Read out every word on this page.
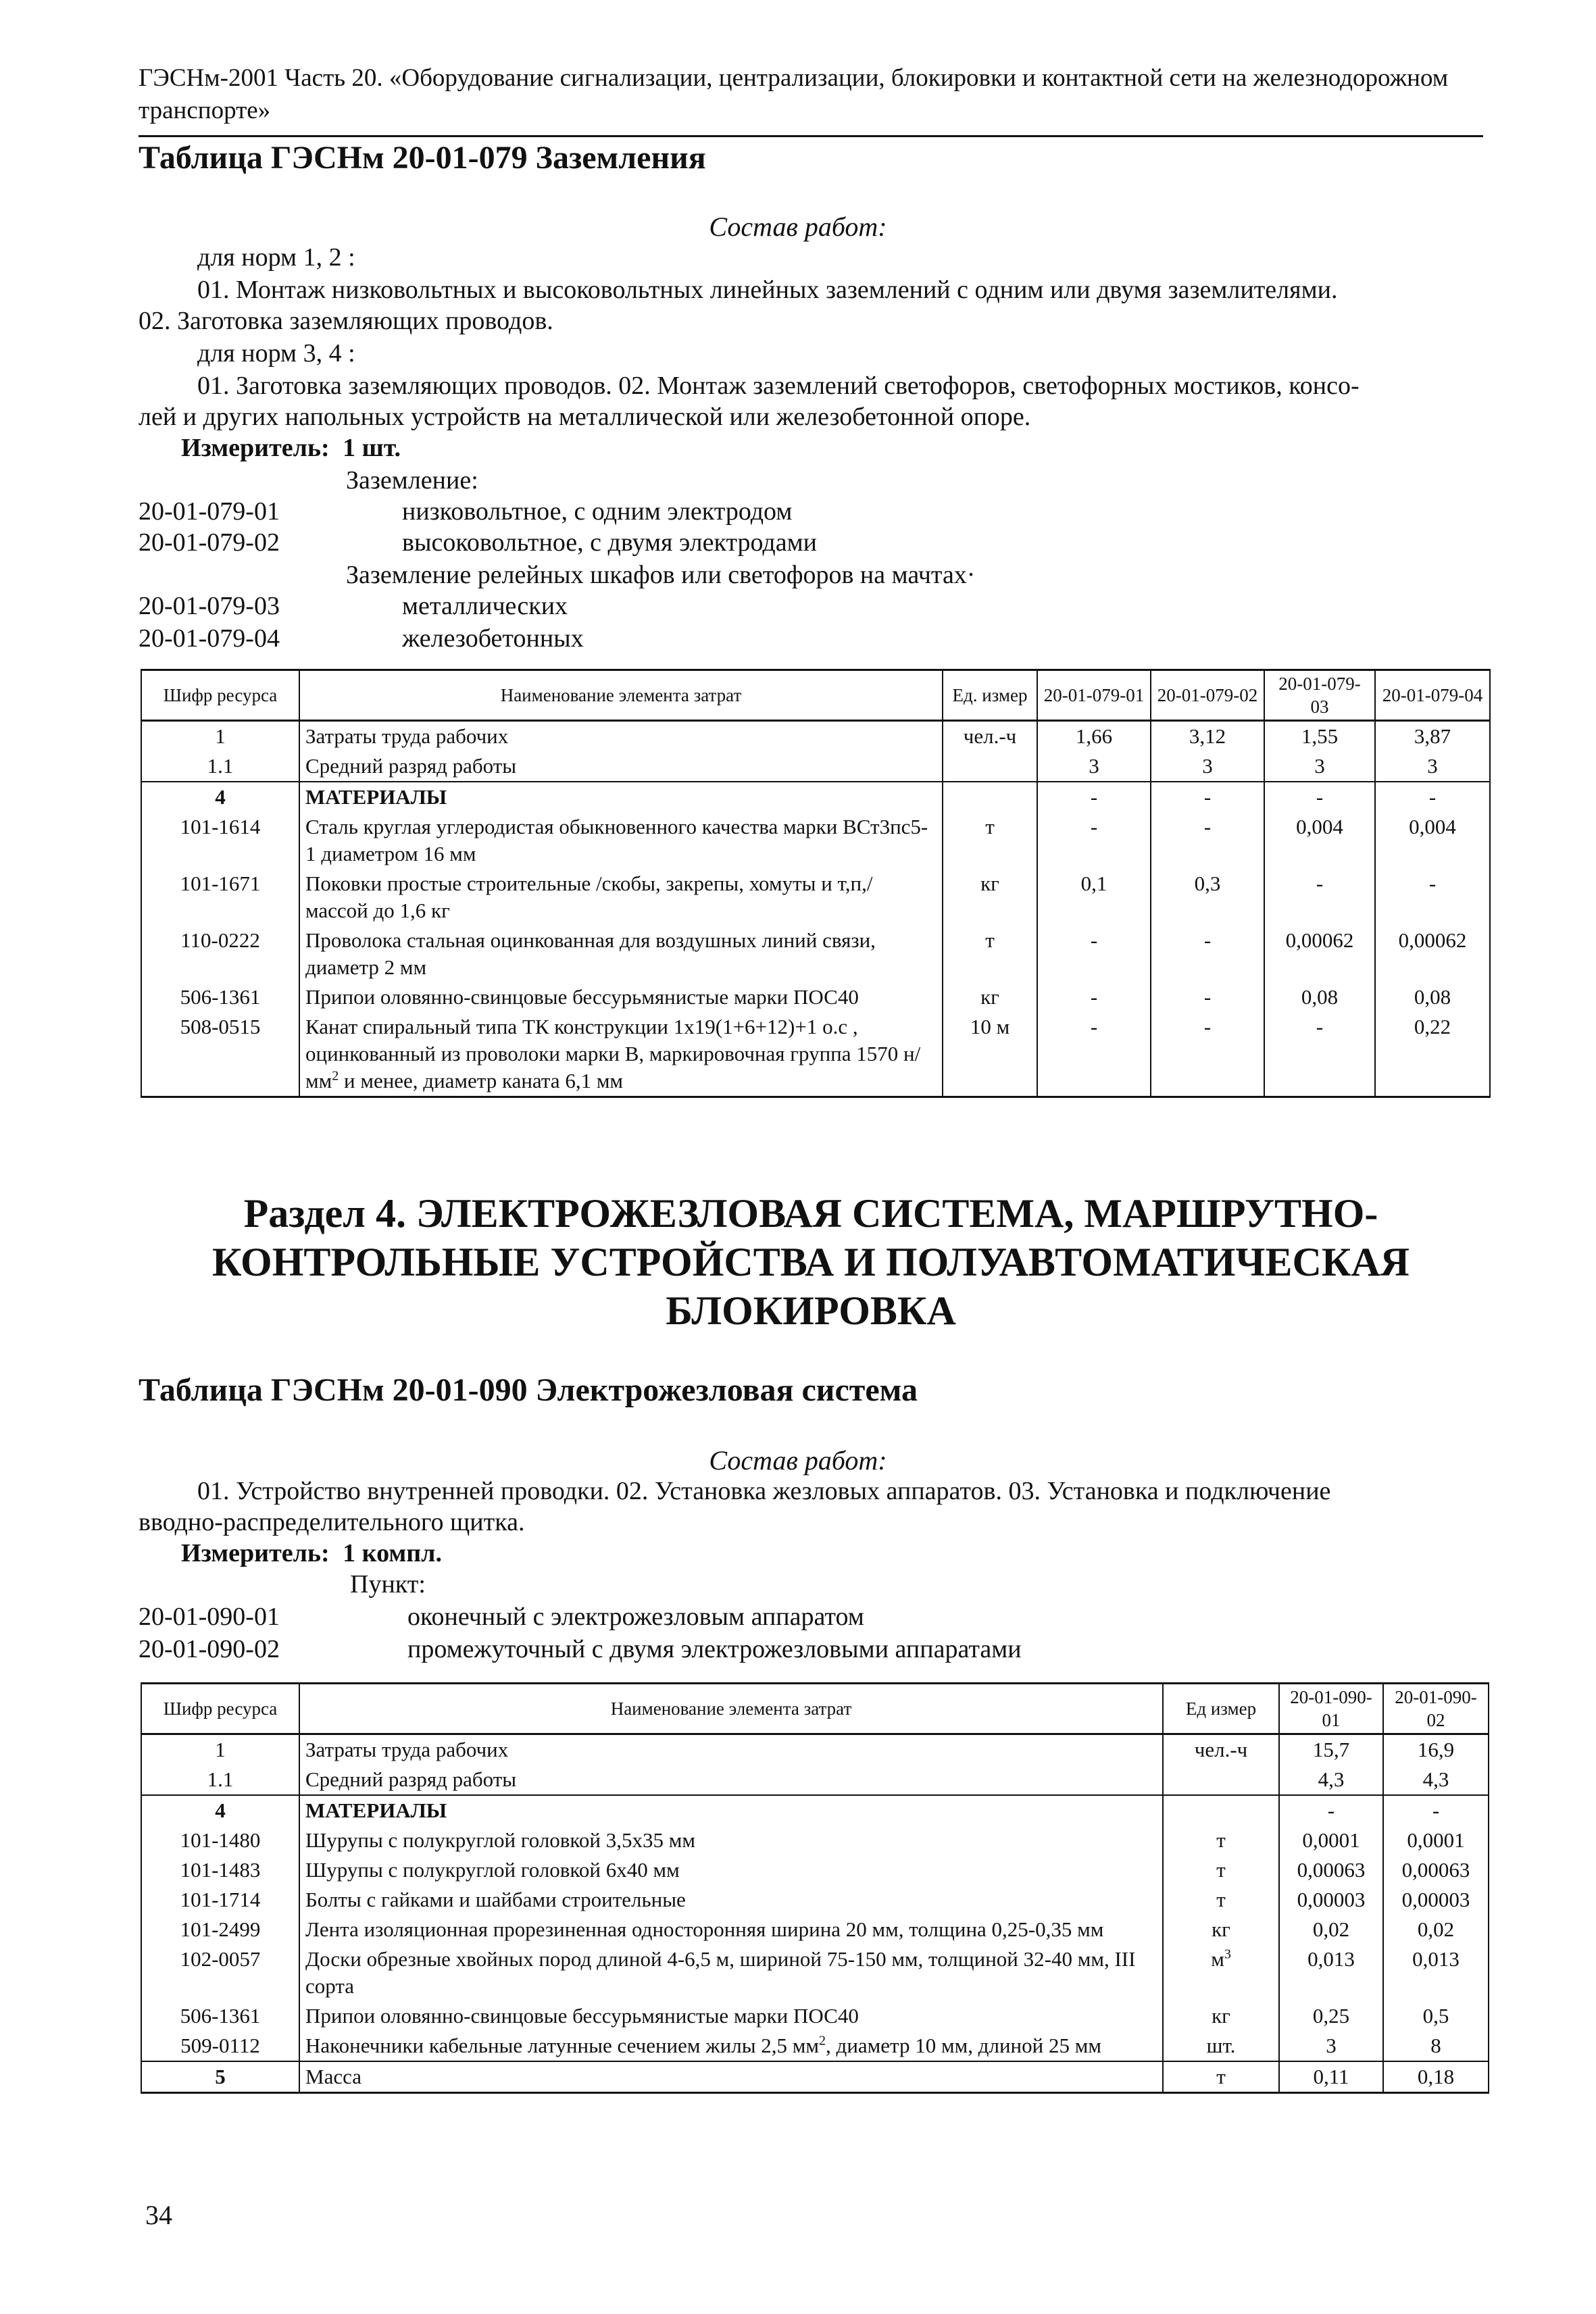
ГЭСНм-2001 Часть 20. «Оборудование сигнализации, централизации, блокировки и контактной сети на железнодорожном транспорте»
Таблица ГЭСНм 20-01-079 Заземления
Состав работ:
для норм 1, 2 :
01. Монтаж низковольтных и высоковольтных линейных заземлений с одним или двумя заземлителями.
02. Заготовка заземляющих проводов.
для норм 3, 4 :
01. Заготовка заземляющих проводов. 02. Монтаж заземлений светофоров, светофорных мостиков, консо-
лей и других напольных устройств на металлической или железобетонной опоре.
Измеритель: 1 шт.
Заземление:
20-01-079-01	низковольтное, с одним электродом
20-01-079-02	высоковольтное, с двумя электродами
Заземление релейных шкафов или светофоров на мачтах·
20-01-079-03	металлических
20-01-079-04	железобетонных
Шифр ресурса	Наименование элемента затрат	Ед. измер	20-01-079-01	20-01-079-02	20-01-079-03	20-01-079-04
1	Затраты труда рабочих	чел.-ч	1,66	3,12	1,55	3,87
1.1	Средний разряд работы		3	3	3	3
4	МАТЕРИАЛЫ		-	-	-	-
101-1614	Сталь круглая углеродистая обыкновенного качества марки ВСт3пс5-1 диаметром 16 мм	т	-	-	0,004	0,004
101-1671	Поковки простые строительные /скобы, закрепы, хомуты и т,п,/ массой до 1,6 кг	кг	0,1	0,3	-	-
110-0222	Проволока стальная оцинкованная для воздушных линий связи, диаметр 2 мм	т	-	-	0,00062	0,00062
506-1361	Припои оловянно-свинцовые бессурьмянистые марки ПОС40	кг	-	-	0,08	0,08
508-0515	Канат спиральный типа ТК конструкции 1х19(1+6+12)+1 о.с , оцинкованный из проволоки марки В, маркировочная группа 1570 $н/мм^2$ и менее, диаметр каната 6,1 мм	10 м	-	-	-	0,22
Раздел 4. ЭЛЕКТРОЖЕЗЛОВАЯ СИСТЕМА, МАРШРУТНО-
КОНТРОЛЬНЫЕ УСТРОЙСТВА И ПОЛУАВТОМАТИЧЕСКАЯ
БЛОКИРОВКА
Таблица ГЭСНм 20-01-090 Электрожезловая система
Состав работ:
01. Устройство внутренней проводки. 02. Установка жезловых аппаратов. 03. Установка и подключение
вводно-распределительного щитка.
Измеритель: 1 компл.
Пункт:
20-01-090-01	оконечный с электрожезловым аппаратом
20-01-090-02	промежуточный с двумя электрожезловыми аппаратами
Шифр ресурса	Наименование элемента затрат	Ед измер	20-01-090-01	20-01-090-02
1	Затраты труда рабочих	чел.-ч	15,7	16,9
1.1	Средний разряд работы		4,3	4,3
4	МАТЕРИАЛЫ		-	-
101-1480	Шурупы с полукруглой головкой 3,5х35 мм	т	0,0001	0,0001
101-1483	Шурупы с полукруглой головкой 6х40 мм	т	0,00063	0,00063
101-1714	Болты с гайками и шайбами строительные	т	0,00003	0,00003
101-2499	Лента изоляционная прорезиненная односторонняя ширина 20 мм, толщина 0,25-0,35 мм	кг	0,02	0,02
102-0057	Доски обрезные хвойных пород длиной 4-6,5 м, шириной 75-150 мм, толщиной 32-40 мм, III сорта	$м^3$	0,013	0,013
506-1361	Припои оловянно-свинцовые бессурьмянистые марки ПОС40	кг	0,25	0,5
509-0112	Наконечники кабельные латунные сечением жилы 2,5 $мм^2$, диаметр 10 мм, длиной 25 мм	шт.	3	8
5	Масса	т	0,11	0,18
34
